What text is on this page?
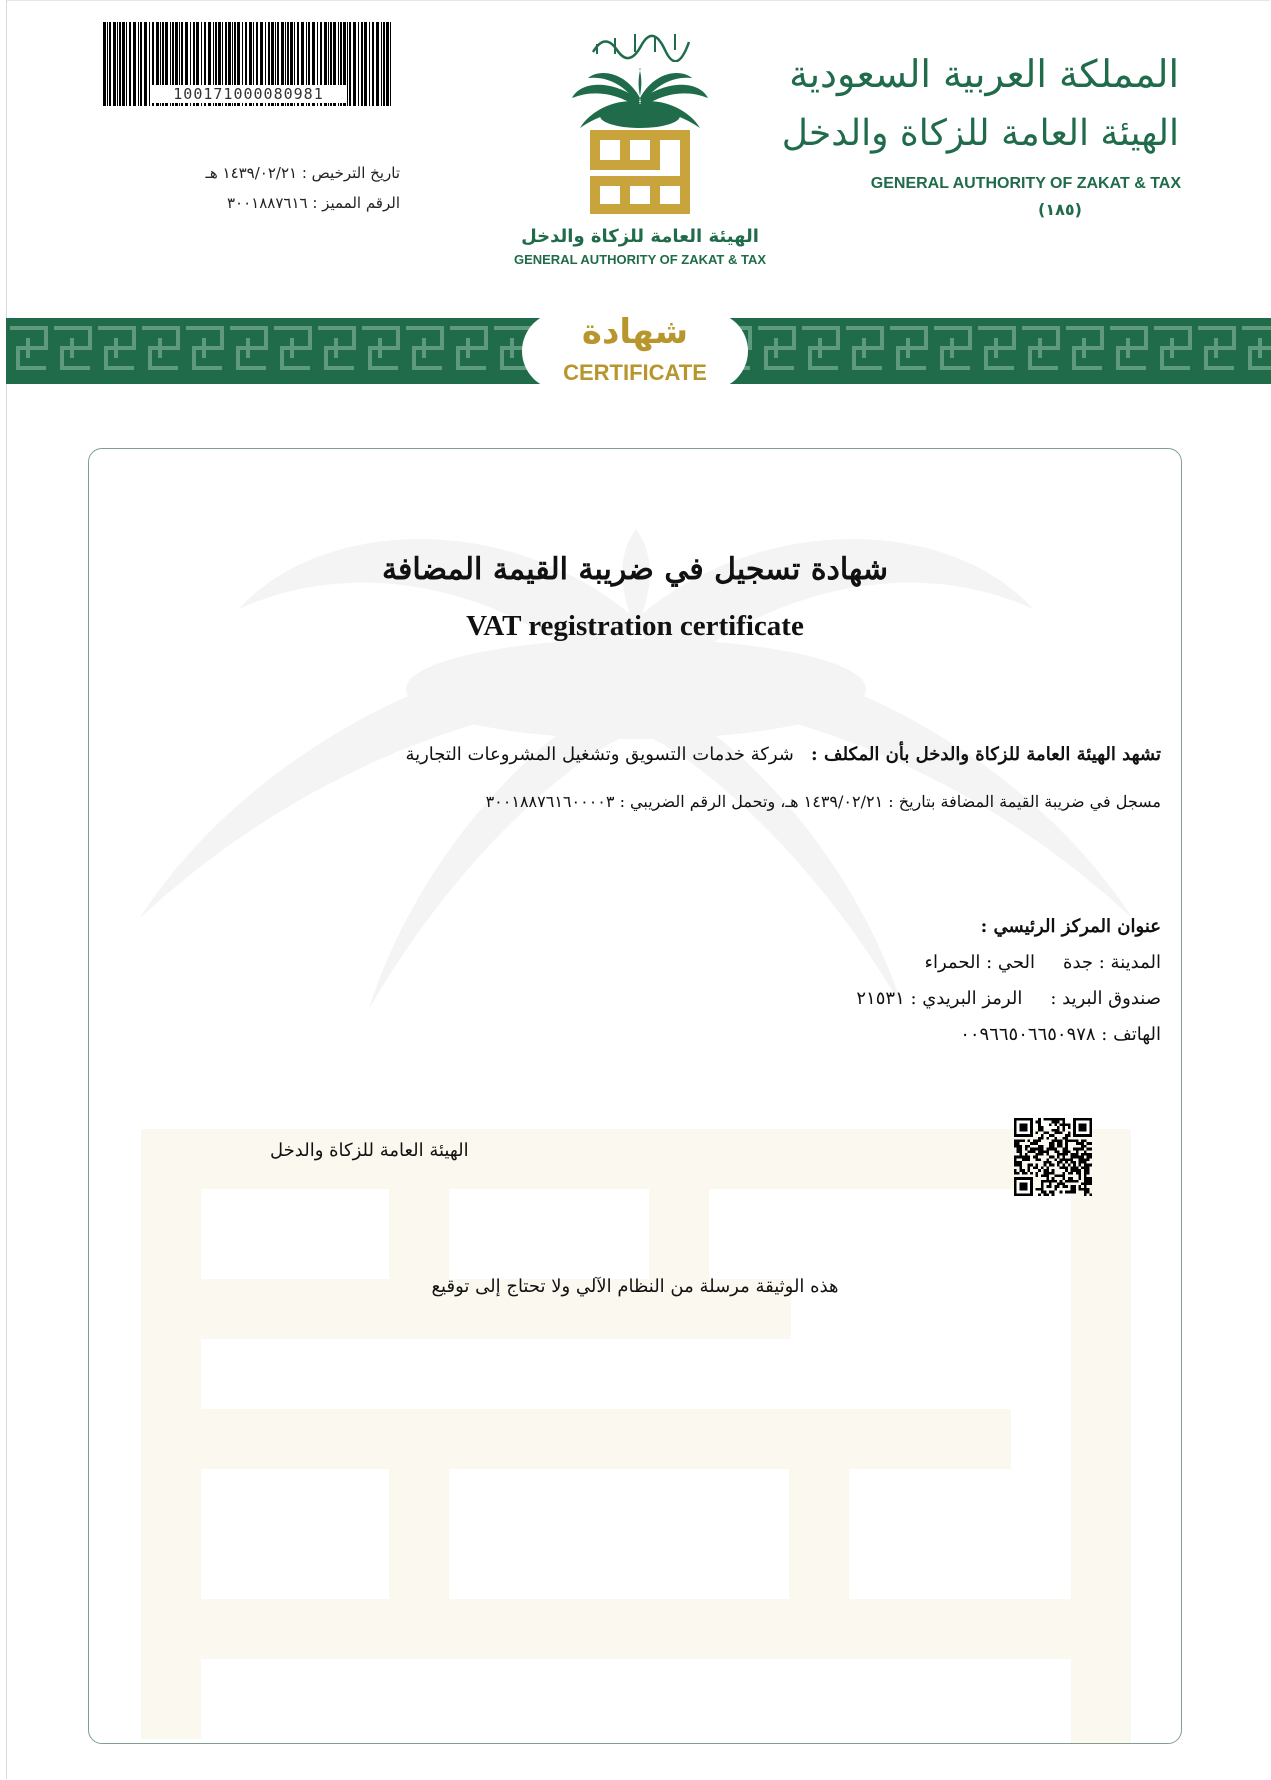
100171000080981
تاريخ الترخيص : ١٤٣٩/٠٢/٢١ هـ
الرقم المميز : ٣٠٠١٨٨٧٦١٦
الهيئة العامة للزكاة والدخل
GENERAL AUTHORITY OF ZAKAT & TAX
المملكة العربية السعودية
الهيئة العامة للزكاة والدخل
GENERAL AUTHORITY OF ZAKAT & TAX
(١٨٥)
شهادة
CERTIFICATE
شهادة تسجيل في ضريبة القيمة المضافة
VAT registration certificate
تشهد الهيئة العامة للزكاة والدخل بأن المكلف :   شركة خدمات التسويق وتشغيل المشروعات التجارية
مسجل في ضريبة القيمة المضافة بتاريخ : ١٤٣٩/٠٢/٢١ هـ، وتحمل الرقم الضريبي : ٣٠٠١٨٨٧٦١٦٠٠٠٠٣
عنوان المركز الرئيسي :
المدينة : جدةالحي : الحمراء
صندوق البريد :الرمز البريدي : ٢١٥٣١
الهاتف : ٠٠٩٦٦٥٠٦٦٥٠٩٧٨
الهيئة العامة للزكاة والدخل
هذه الوثيقة مرسلة من النظام الآلي ولا تحتاج إلى توقيع
